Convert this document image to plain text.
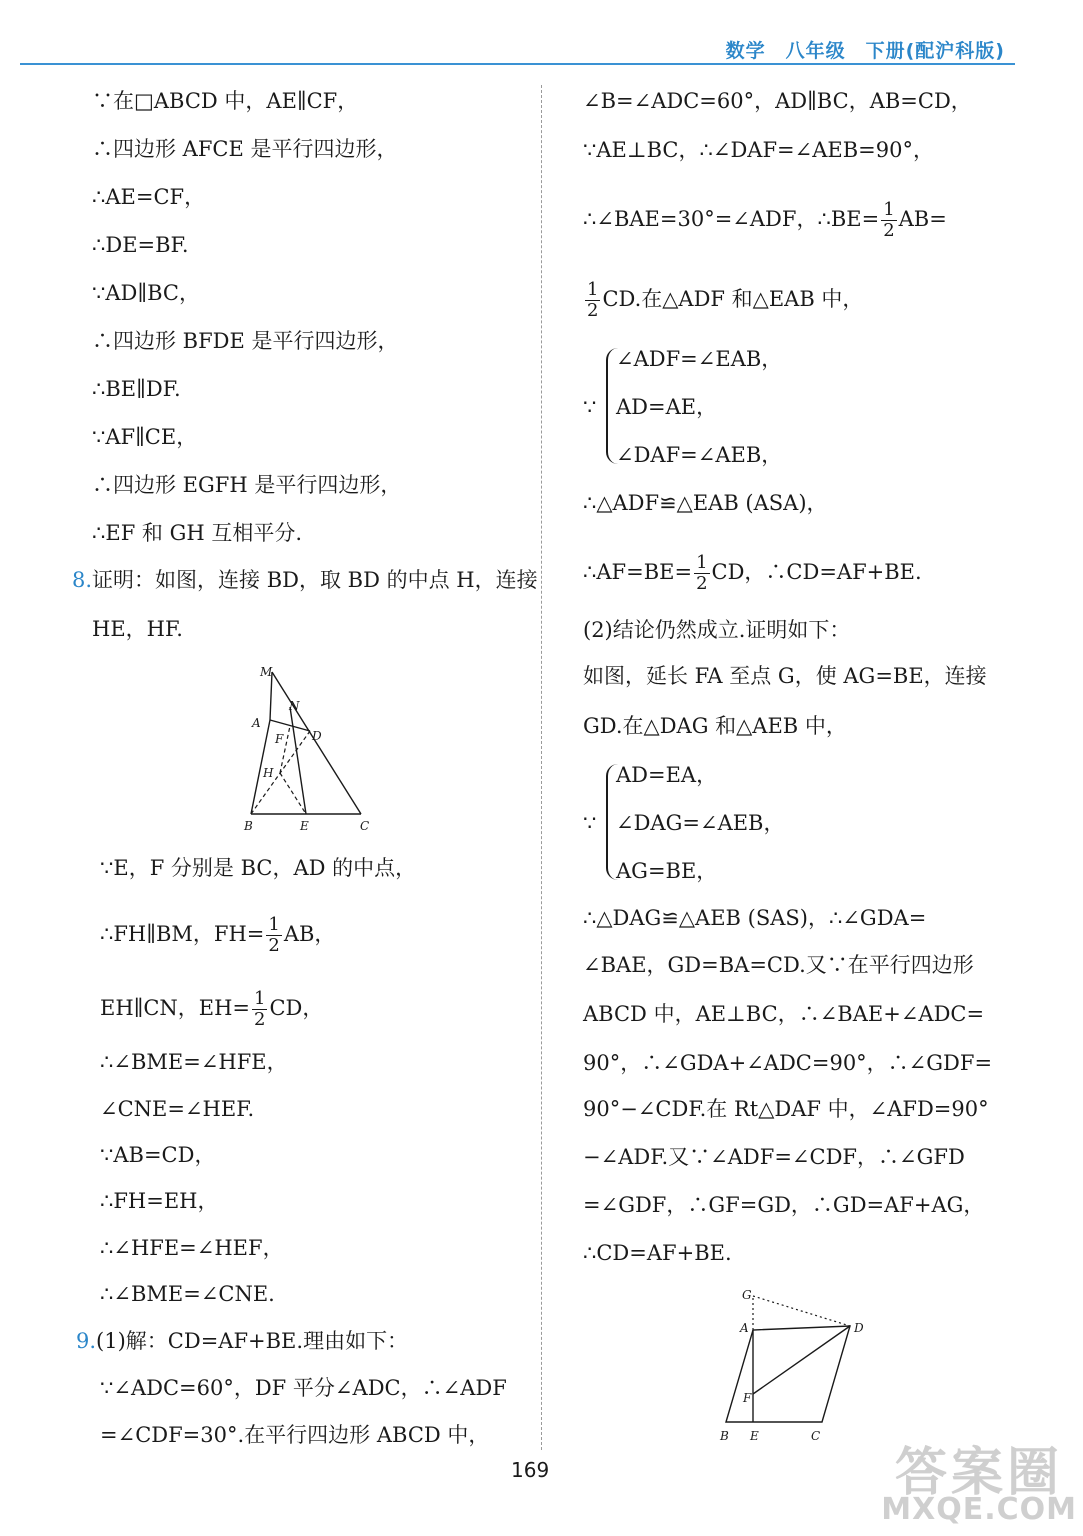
数学　八年级　下册(配沪科版)
∵在□ABCD 中，AE∥CF，
∴四边形 AFCE 是平行四边形，
∴AE=CF，
∴DE=BF.
∵AD∥BC，
∴四边形 BFDE 是平行四边形，
∴BE∥DF.
∵AF∥CE，
∴四边形 EGFH 是平行四边形，
∴EF 和 GH 互相平分.
8.证明：如图，连接 BD，取 BD 的中点 H，连接
HE，HF.
M
N
A
F D
H
B	E	C
∵E，F 分别是 BC，AD 的中点，
∴FH∥BM，$FH= \frac{1}{2}$ AB，
EH∥CN，$EH= \frac{1}{2}$ CD，
∴∠BME=∠HFE，
∠CNE=∠HEF.
∵AB=CD，
∴FH=EH，
∴∠HFE=∠HEF，
∴∠BME=∠CNE.
9.(1)解：CD=AF+BE.理由如下：
∵∠ADC=60°，DF 平分∠ADC，∴∠ADF
=∠CDF=30°.在平行四边形 ABCD 中，
∠B=∠ADC=60°，AD∥BC，AB=CD，
∵AE⊥BC，∴∠DAF=∠AEB=90°，
∴∠BAE=30°=∠ADF，∴BE= $\frac{1}{2} AB=$
$\frac{1}{2}$ CD.在△ADF 和△EAB 中，
∵
∠ADF=∠EAB，
AD=AE，
∠DAF=∠AEB，
∴△ADF≌△EAB (ASA)，
∴AF=BE= $\frac{1}{2}$ CD，∴CD=AF+BE.
(2)结论仍然成立.证明如下：
如图，延长 FA 至点 G，使 AG=BE，连接
GD.在△DAG 和△AEB 中，
∵
AD=EA，
∠DAG=∠AEB，
AG=BE，
∴△DAG≌△AEB (SAS)，∴∠GDA=
∠BAE，GD=BA=CD.又∵在平行四边形
ABCD 中，AE⊥BC，∴∠BAE+∠ADC=
90°，∴∠GDA+∠ADC=90°，∴∠GDF=
90°−∠CDF.在 Rt△DAF 中，∠AFD=90°
−∠ADF.又∵∠ADF=∠CDF，∴∠GFD
=∠GDF，∴GF=GD，∴GD=AF+AG，
∴CD=AF+BE.
G
A	D
F
B E	C
169	答案圈
MXQE.COM
